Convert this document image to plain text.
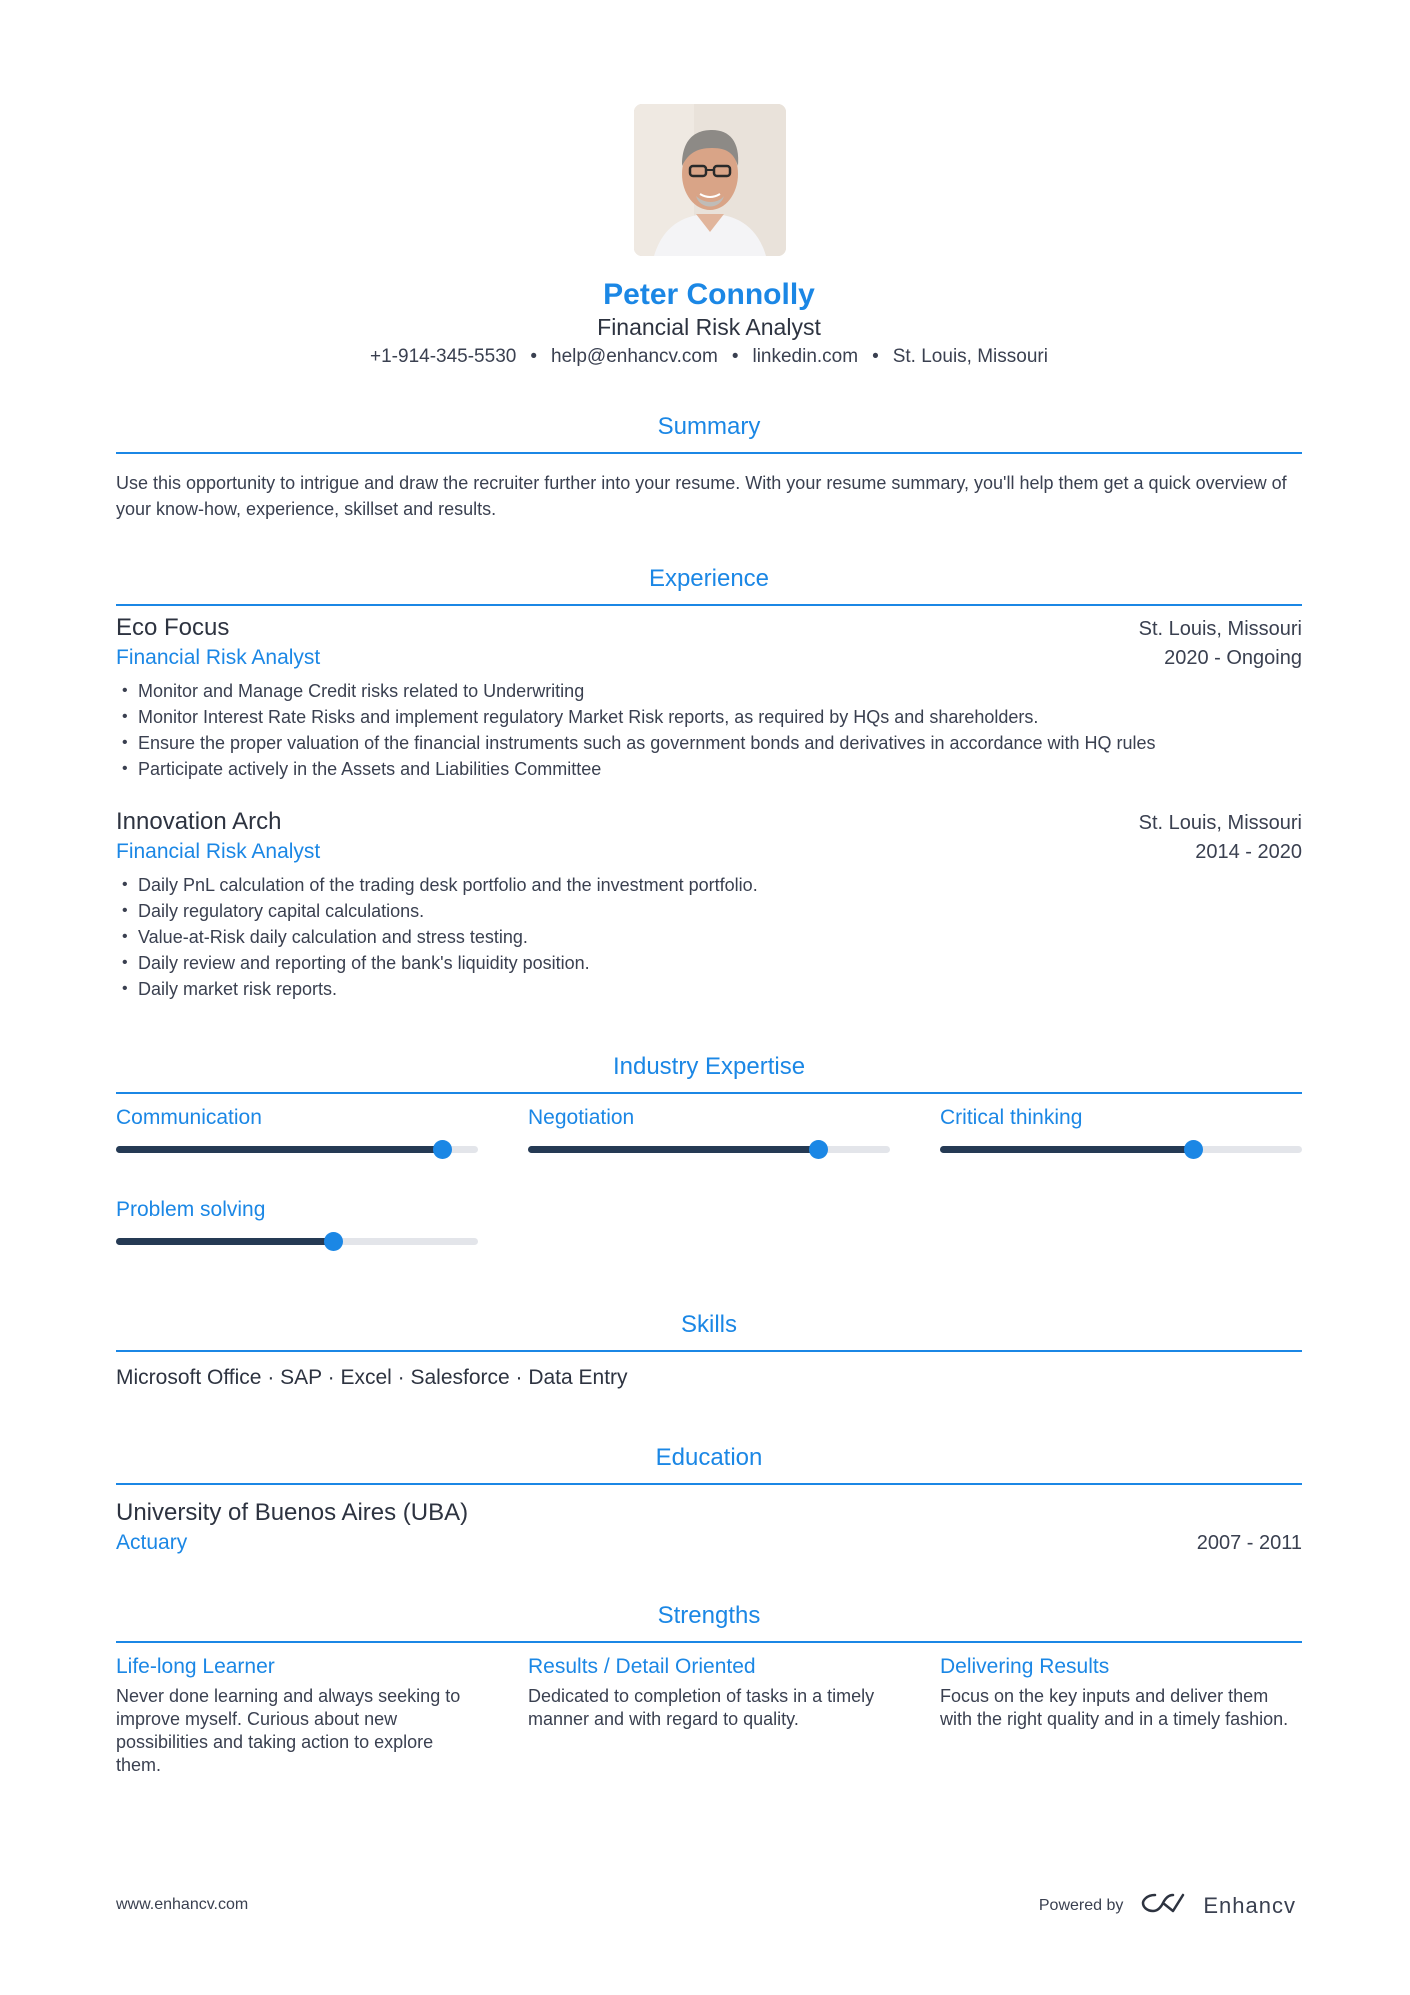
Peter Connolly
Financial Risk Analyst
+1-914-345-5530 • help@enhancv.com • linkedin.com • St. Louis, Missouri
Summary
Use this opportunity to intrigue and draw the recruiter further into your resume. With your resume summary, you'll help them get a quick overview of your know-how, experience, skillset and results.
Experience
Eco Focus	St. Louis, Missouri
Financial Risk Analyst	2020 - Ongoing
• Monitor and Manage Credit risks related to Underwriting
• Monitor Interest Rate Risks and implement regulatory Market Risk reports, as required by HQs and shareholders.
• Ensure the proper valuation of the financial instruments such as government bonds and derivatives in accordance with HQ rules
• Participate actively in the Assets and Liabilities Committee
Innovation Arch	St. Louis, Missouri
Financial Risk Analyst	2014 - 2020
• Daily PnL calculation of the trading desk portfolio and the investment portfolio.
• Daily regulatory capital calculations.
• Value-at-Risk daily calculation and stress testing.
• Daily review and reporting of the bank's liquidity position.
• Daily market risk reports.
Industry Expertise
Communication	Negotiation	Critical thinking
Problem solving
Skills
Microsoft Office · SAP · Excel · Salesforce · Data Entry
Education
University of Buenos Aires (UBA)
Actuary	2007 - 2011
Strengths
Life-long Learner
Never done learning and always seeking to improve myself. Curious about new possibilities and taking action to explore them.
Results / Detail Oriented
Dedicated to completion of tasks in a timely manner and with regard to quality.
Delivering Results
Focus on the key inputs and deliver them with the right quality and in a timely fashion.
www.enhancv.com	Powered by	Enhancv
